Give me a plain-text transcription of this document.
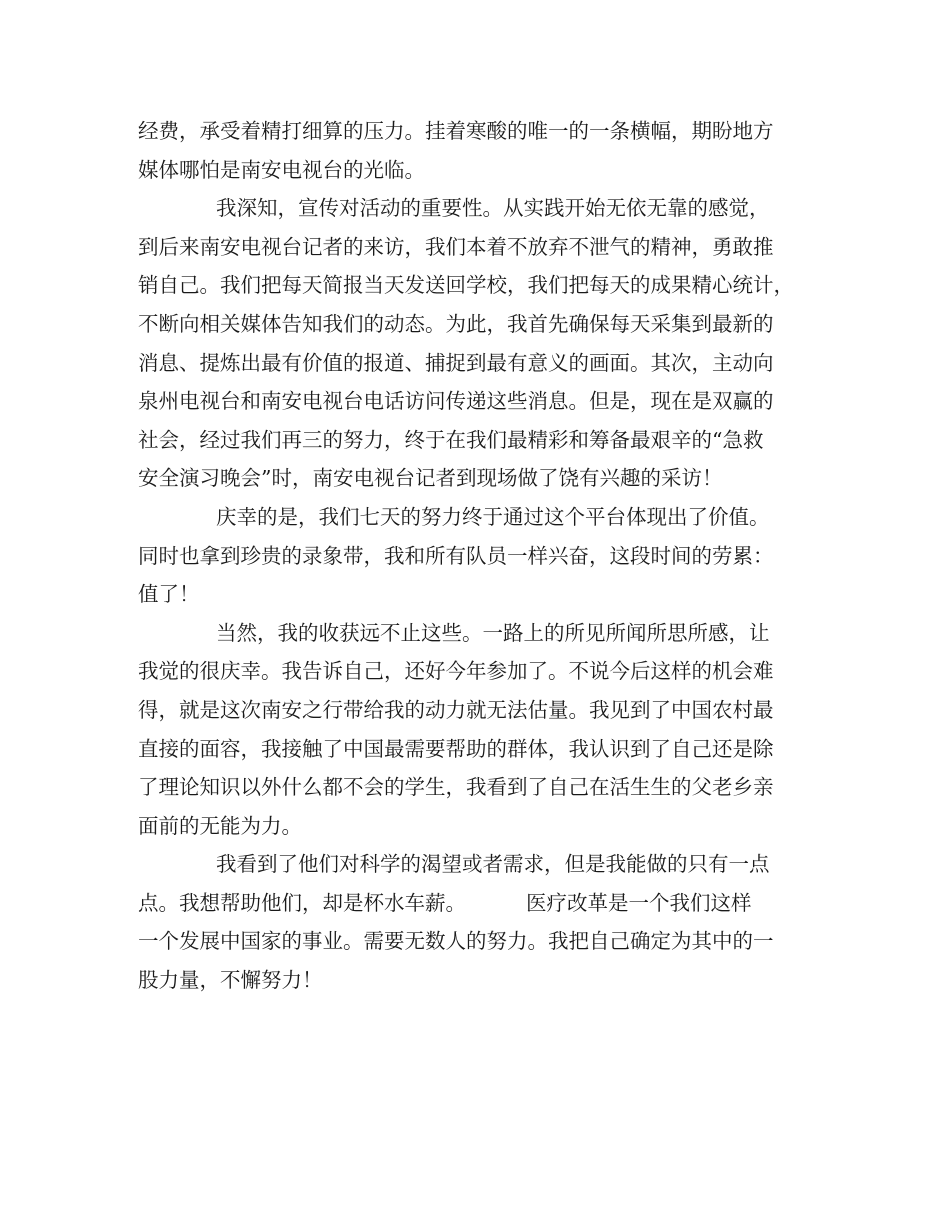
经费，承受着精打细算的压力。挂着寒酸的唯一的一条横幅，期盼地方
媒体哪怕是南安电视台的光临。
我深知，宣传对活动的重要性。从实践开始无依无靠的感觉，
到后来南安电视台记者的来访，我们本着不放弃不泄气的精神，勇敢推
销自己。我们把每天简报当天发送回学校，我们把每天的成果精心统计，
不断向相关媒体告知我们的动态。为此，我首先确保每天采集到最新的
消息、提炼出最有价值的报道、捕捉到最有意义的画面。其次，主动向
泉州电视台和南安电视台电话访问传递这些消息。但是，现在是双赢的
社会，经过我们再三的努力，终于在我们最精彩和筹备最艰辛的“急救
安全演习晚会”时，南安电视台记者到现场做了饶有兴趣的采访！
庆幸的是，我们七天的努力终于通过这个平台体现出了价值。
同时也拿到珍贵的录象带，我和所有队员一样兴奋，这段时间的劳累：
值了！
当然，我的收获远不止这些。一路上的所见所闻所思所感，让
我觉的很庆幸。我告诉自己，还好今年参加了。不说今后这样的机会难
得，就是这次南安之行带给我的动力就无法估量。我见到了中国农村最
直接的面容，我接触了中国最需要帮助的群体，我认识到了自己还是除
了理论知识以外什么都不会的学生，我看到了自己在活生生的父老乡亲
面前的无能为力。
我看到了他们对科学的渴望或者需求，但是我能做的只有一点
点。我想帮助他们，却是杯水车薪。	医疗改革是一个我们这样
一个发展中国家的事业。需要无数人的努力。我把自己确定为其中的一
股力量，不懈努力！
